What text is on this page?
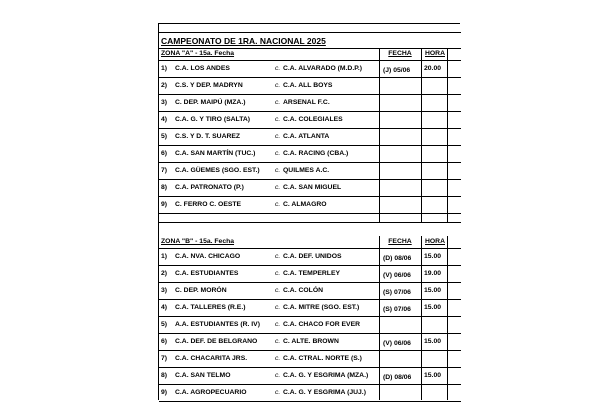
CAMPEONATO DE 1RA. NACIONAL 2025
ZONA "A" - 15a. Fecha	FECHA	HORA
1) C.A. LOS ANDES	c. C.A. ALVARADO (M.D.P.)	(J) 05/06 20.00
2) C.S. Y DEP. MADRYN	c. C.A. ALL BOYS
3) C. DEP. MAIPÚ (MZA.)	c. ARSENAL F.C.
4) C.A. G. Y TIRO (SALTA)	c. C.A. COLEGIALES
5) C.S. Y D. T. SUAREZ	c. C.A. ATLANTA
6) C.A. SAN MARTÍN (TUC.)	c. C.A. RACING (CBA.)
7) C.A. GÜEMES (SGO. EST.) c. QUILMES A.C.
8) C.A. PATRONATO (P.)	c. C.A. SAN MIGUEL
9) C. FERRO C. OESTE	c. C. ALMAGRO
ZONA "B" - 15a. Fecha	FECHA	HORA
1) C.A. NVA. CHICAGO	c. C.A. DEF. UNIDOS	(D) 08/06 15.00
2) C.A. ESTUDIANTES	c. C.A. TEMPERLEY	(V) 06/06 19.00
3) C. DEP. MORÓN	c. C.A. COLÓN	(S) 07/06 15.00
4) C.A. TALLERES (R.E.)	c. C.A. MITRE (SGO. EST.)	(S) 07/06 15.00
5) A.A. ESTUDIANTES (R. IV) c. C.A. CHACO FOR EVER
6) C.A. DEF. DE BELGRANO	c. C. ALTE. BROWN	(V) 06/06 15.00
7) C.A. CHACARITA JRS.	c. C.A. CTRAL. NORTE (S.)
8) C.A. SAN TELMO	c. C.A. G. Y ESGRIMA (MZA.) (D) 08/06 15.00
9) C.A. AGROPECUARIO	c. C.A. G. Y ESGRIMA (JUJ.)
